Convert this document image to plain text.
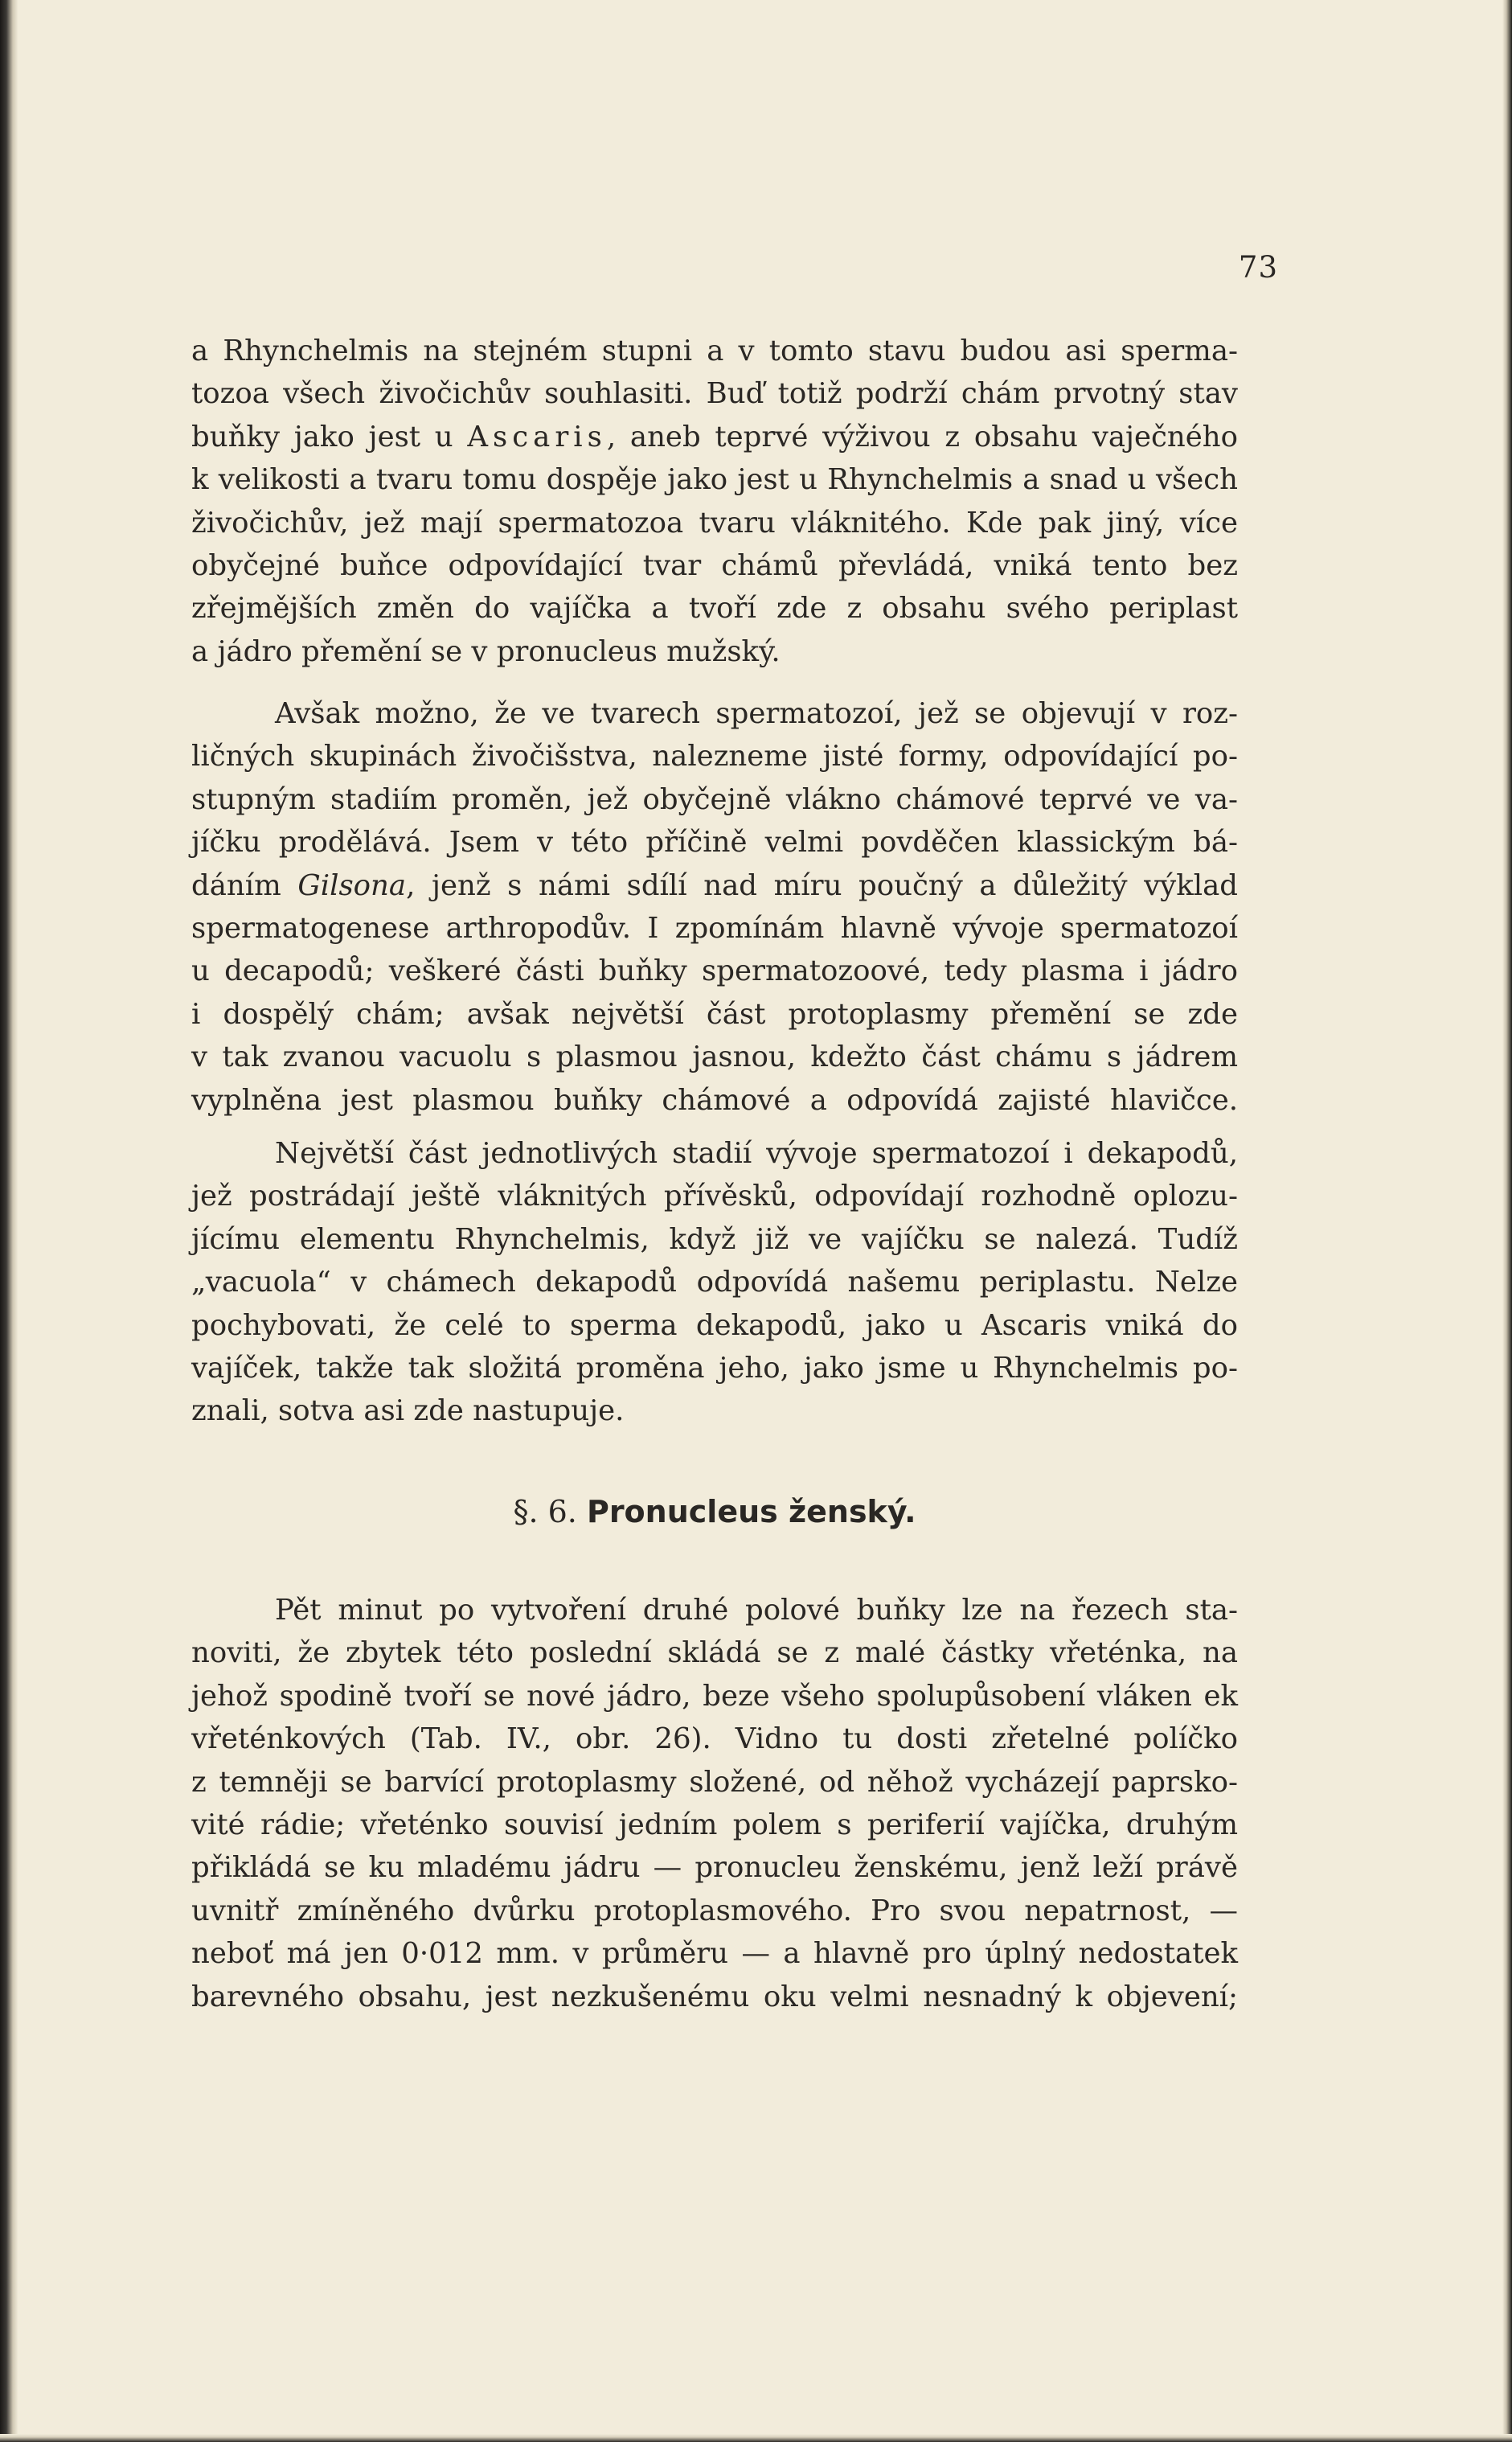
73
a Rhynchelmis na stejném stupni a v tomto stavu budou asi sperma-
tozoa všech živočichův souhlasiti. Buď totiž podrží chám prvotný stav
buňky jako jest u Ascaris, aneb teprvé výživou z obsahu vaječného
k velikosti a tvaru tomu dospěje jako jest u Rhynchelmis a snad u všech
živočichův, jež mají spermatozoa tvaru vláknitého. Kde pak jiný, více
obyčejné buňce odpovídající tvar chámů převládá, vniká tento bez
zřejmějších změn do vajíčka a tvoří zde z obsahu svého periplast
a jádro přemění se v pronucleus mužský.
Avšak možno, že ve tvarech spermatozoí, jež se objevují v roz-
ličných skupinách živočišstva, nalezneme jisté formy, odpovídající po-
stupným stadiím proměn, jež obyčejně vlákno chámové teprvé ve va-
jíčku prodělává. Jsem v této příčině velmi povděčen klassickým bá-
dáním Gilsona, jenž s námi sdílí nad míru poučný a důležitý výklad
spermatogenese arthropodův. I zpomínám hlavně vývoje spermatozoí
u decapodů; veškeré části buňky spermatozoové, tedy plasma i jádro
i dospělý chám; avšak největší část protoplasmy přemění se zde
v tak zvanou vacuolu s plasmou jasnou, kdežto část chámu s jádrem
vyplněna jest plasmou buňky chámové a odpovídá zajisté hlavičce.
Největší část jednotlivých stadií vývoje spermatozoí i dekapodů,
jež postrádají ještě vláknitých přívěsků, odpovídají rozhodně oplozu-
jícímu elementu Rhynchelmis, když již ve vajíčku se nalezá. Tudíž
„vacuola“ v chámech dekapodů odpovídá našemu periplastu. Nelze
pochybovati, že celé to sperma dekapodů, jako u Ascaris vniká do
vajíček, takže tak složitá proměna jeho, jako jsme u Rhynchelmis po-
znali, sotva asi zde nastupuje.
§. 6. Pronucleus ženský.
Pět minut po vytvoření druhé polové buňky lze na řezech sta-
noviti, že zbytek této poslední skládá se z malé částky vřeténka, na
jehož spodině tvoří se nové jádro, beze všeho spolupůsobení vláken ek
vřeténkových (Tab. IV., obr. 26). Vidno tu dosti zřetelné políčko
z temněji se barvící protoplasmy složené, od něhož vycházejí paprsko-
vité rádie; vřeténko souvisí jedním polem s periferií vajíčka, druhým
přikládá se ku mladému jádru — pronucleu ženskému, jenž leží právě
uvnitř zmíněného dvůrku protoplasmového. Pro svou nepatrnost, —
neboť má jen 0·012 mm. v průměru — a hlavně pro úplný nedostatek
barevného obsahu, jest nezkušenému oku velmi nesnadný k objevení;
